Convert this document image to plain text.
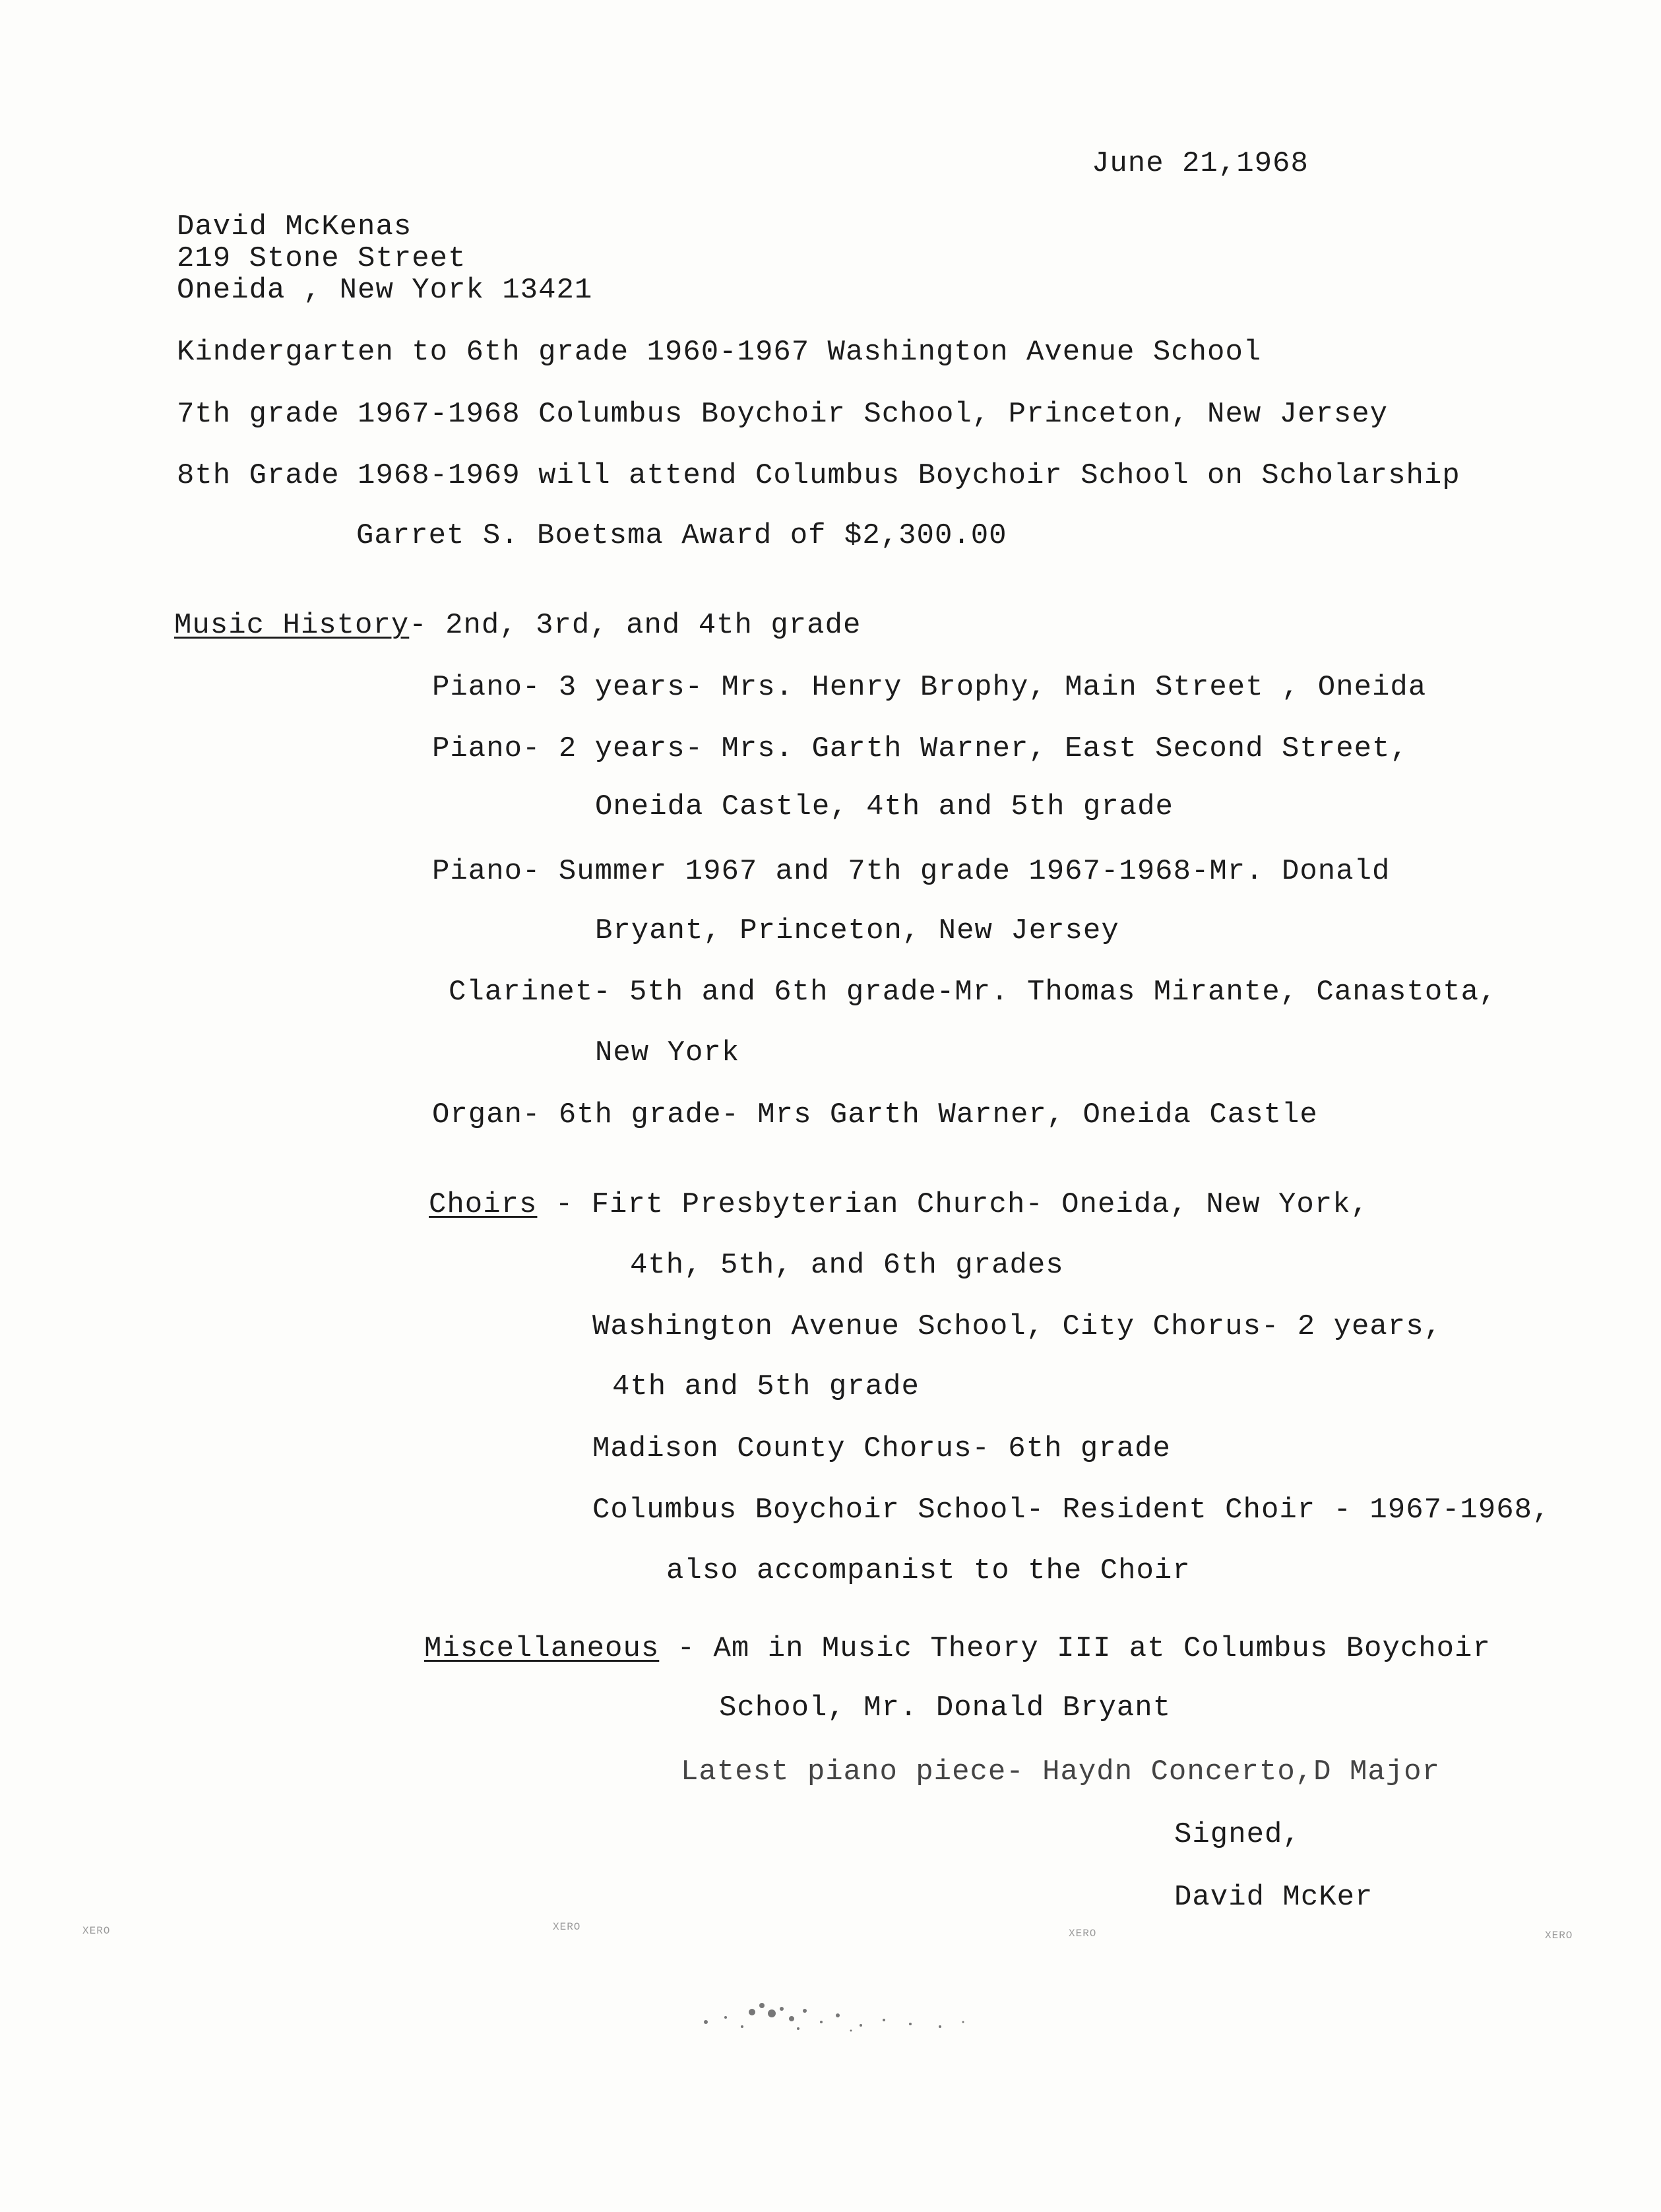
June 21,1968
David McKenas
219 Stone Street
Oneida , New York 13421
Kindergarten to 6th grade 1960-1967 Washington Avenue School
7th grade 1967-1968 Columbus Boychoir School, Princeton, New Jersey
8th Grade 1968-1969 will attend Columbus Boychoir School on Scholarship
Garret S. Boetsma Award of $2,300.00
Music History- 2nd, 3rd, and 4th grade
Piano- 3 years- Mrs. Henry Brophy, Main Street , Oneida
Piano- 2 years- Mrs. Garth Warner, East Second Street,
Oneida Castle, 4th and 5th grade
Piano- Summer 1967 and 7th grade 1967-1968-Mr. Donald
Bryant, Princeton, New Jersey
Clarinet- 5th and 6th grade-Mr. Thomas Mirante, Canastota,
New York
Organ- 6th grade- Mrs Garth Warner, Oneida Castle
Choirs - Firt Presbyterian Church- Oneida, New York,
4th, 5th, and 6th grades
Washington Avenue School, City Chorus- 2 years,
4th and 5th grade
Madison County Chorus- 6th grade
Columbus Boychoir School- Resident Choir - 1967-1968,
also accompanist to the Choir
Miscellaneous - Am in Music Theory III at Columbus Boychoir
School, Mr. Donald Bryant
Latest piano piece- Haydn Concerto,D Major
Signed,
David McKer
XERO	XERO
XERO	XERO
